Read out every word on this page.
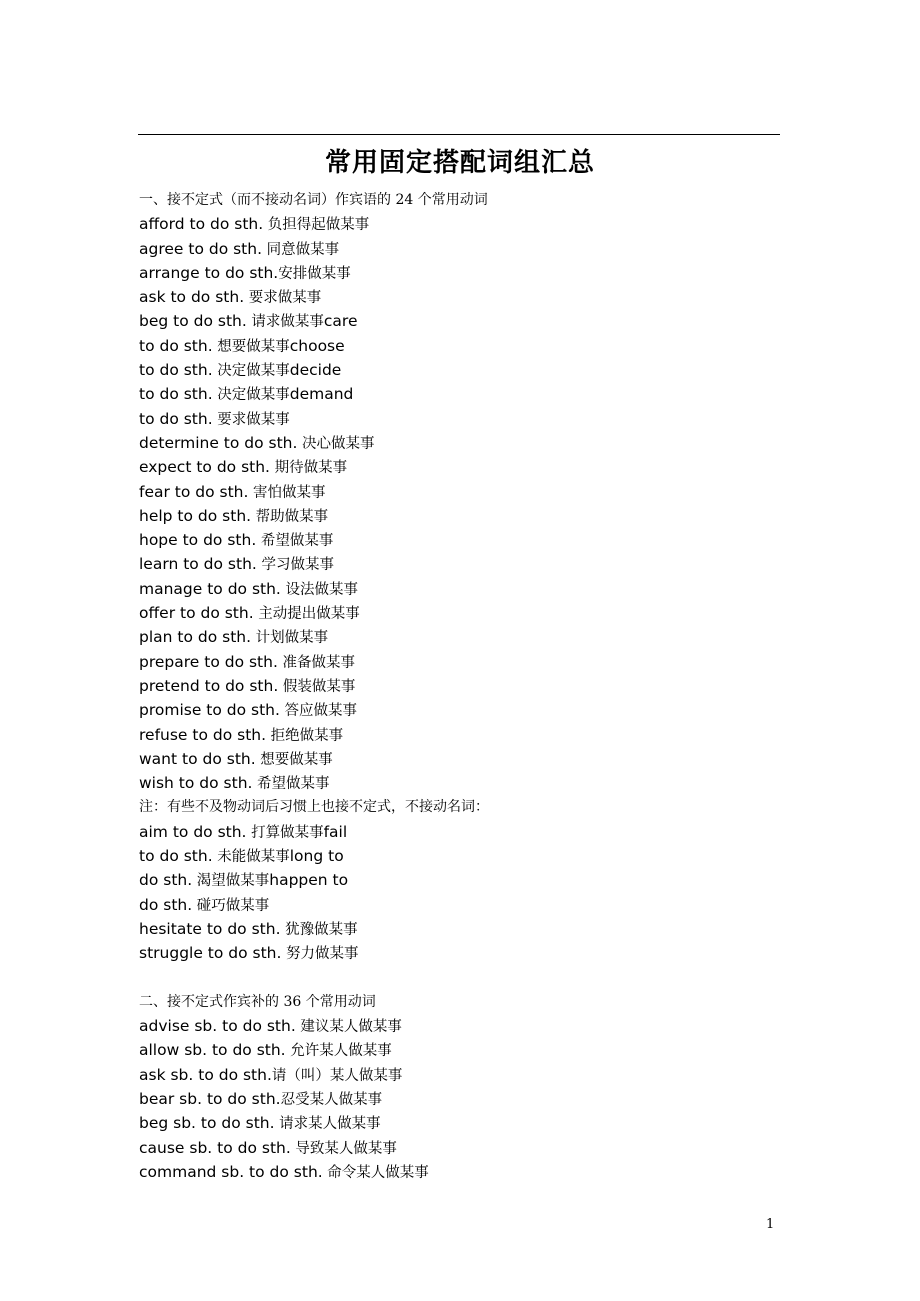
常用固定搭配词组汇总
一、接不定式（而不接动名词）作宾语的 24 个常用动词
afford to do sth. 负担得起做某事
agree to do sth. 同意做某事
arrange to do sth.安排做某事
ask to do sth. 要求做某事
beg to do sth. 请求做某事care
to do sth. 想要做某事choose
to do sth. 决定做某事decide
to do sth. 决定做某事demand
to do sth. 要求做某事
determine to do sth. 决心做某事
expect to do sth. 期待做某事
fear to do sth. 害怕做某事
help to do sth. 帮助做某事
hope to do sth. 希望做某事
learn to do sth. 学习做某事
manage to do sth. 设法做某事
offer to do sth. 主动提出做某事
plan to do sth. 计划做某事
prepare to do sth. 准备做某事
pretend to do sth. 假装做某事
promise to do sth. 答应做某事
refuse to do sth. 拒绝做某事
want to do sth. 想要做某事
wish to do sth. 希望做某事
注：有些不及物动词后习惯上也接不定式，不接动名词：
aim to do sth. 打算做某事fail
to do sth. 未能做某事long to
do sth. 渴望做某事happen to
do sth. 碰巧做某事
hesitate to do sth. 犹豫做某事
struggle to do sth. 努力做某事
二、接不定式作宾补的 36 个常用动词
advise sb. to do sth. 建议某人做某事
allow sb. to do sth. 允许某人做某事
ask sb. to do sth.请（叫）某人做某事
bear sb. to do sth.忍受某人做某事
beg sb. to do sth. 请求某人做某事
cause sb. to do sth. 导致某人做某事
command sb. to do sth. 命令某人做某事
1
